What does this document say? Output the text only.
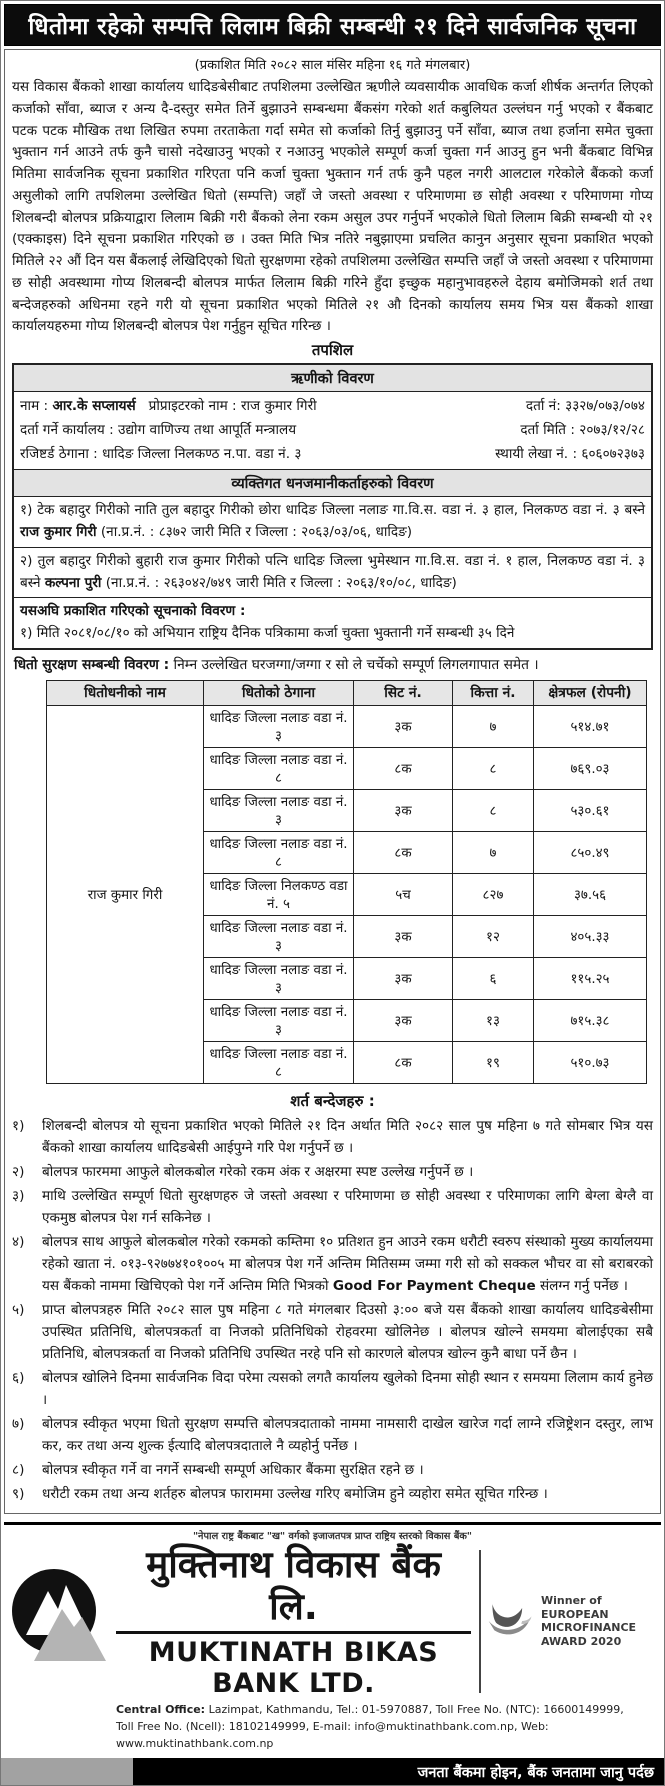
धितोमा रहेको सम्पत्ति लिलाम बिक्री सम्बन्धी २१ दिने सार्वजनिक सूचना
(प्रकाशित मिति २०८२ साल मंसिर महिना १६ गते मंगलबार)

यस विकास बैंकको शाखा कार्यालय धादिङबेसीबाट तपशिलमा उल्लेखित ऋणीले व्यवसायीक आवधिक कर्जा शीर्षक अन्तर्गत लिएको कर्जाको साँवा, ब्याज र अन्य दै-दस्तुर समेत तिर्ने बुझाउने सम्बन्धमा बैंकसंग गरेको शर्त कबुलियत उल्लंघन गर्नु भएको र बैंकबाट पटक पटक मौखिक तथा लिखित रुपमा तरताकेता गर्दा समेत सो कर्जाको तिर्नु बुझाउनु पर्ने साँवा, ब्याज तथा हर्जाना समेत चुक्ता भुक्तान गर्न आउने तर्फ कुनै चासो नदेखाउनु भएको र नआउनु भएकोले सम्पूर्ण कर्जा चुक्ता गर्न आउनु हुन भनी बैंकबाट विभिन्न मितिमा सार्वजनिक सूचना प्रकाशित गरिएता पनि कर्जा चुक्ता भुक्तान गर्न तर्फ कुनै पहल नगरी आलटाल गरेकोले बैंकको कर्जा असुलीको लागि तपशिलमा उल्लेखित धितो (सम्पत्ति) जहाँ जे जस्तो अवस्था र परिमाणमा छ सोही अवस्था र परिमाणमा गोप्य शिलबन्दी बोलपत्र प्रक्रियाद्वारा लिलाम बिक्री गरी बैंकको लेना रकम असुल उपर गर्नुपर्ने भएकोले धितो लिलाम बिक्री सम्बन्धी यो २१ (एक्काइस) दिने सूचना प्रकाशित गरिएको छ । उक्त मिति भित्र नतिरे नबुझाएमा प्रचलित कानुन अनुसार सूचना प्रकाशित भएको मितिले २२ औं दिन यस बैंकलाई लेखिदिएको धितो सुरक्षणमा रहेको तपशिलमा उल्लेखित सम्पत्ति जहाँ जे जस्तो अवस्था र परिमाणमा छ सोही अवस्थामा गोप्य शिलबन्दी बोलपत्र मार्फत लिलाम बिक्री गरिने हुँदा इच्छुक महानुभावहरुले देहाय बमोजिमको शर्त तथा बन्देजहरुको अधिनमा रहने गरी यो सूचना प्रकाशित भएको मितिले २१ औ दिनको कार्यालय समय भित्र यस बैंकको शाखा कार्यालयहरुमा गोप्य शिलबन्दी बोलपत्र पेश गर्नुहुन सूचित गरिन्छ ।

तपशिल
ऋणीको विवरण
नाम : आर.के सप्लायर्स प्रोप्राइटरको नाम : राज कुमार गिरी	दर्ता नं: ३३२७/०७३/०७४
दर्ता गर्ने कार्यालय : उद्योग वाणिज्य तथा आपूर्ति मन्त्रालय	दर्ता मिति : २०७३/१२/२८
रजिष्टर्ड ठेगाना : धादिङ जिल्ला निलकण्ठ न.पा. वडा नं. ३	स्थायी लेखा नं. : ६०६०७२३७३
व्यक्तिगत धनजमानीकर्ताहरुको विवरण
१) टेक बहादुर गिरीको नाति तुल बहादुर गिरीको छोरा धादिङ जिल्ला नलाङ गा.वि.स. वडा नं. ३ हाल, निलकण्ठ वडा नं. ३ बस्ने राज कुमार गिरी (ना.प्र.नं. : ८३७२ जारी मिति र जिल्ला : २०६३/०३/०६, धादिङ)
२) तुल बहादुर गिरीको बुहारी राज कुमार गिरीको पत्नि धादिङ जिल्ला भुमेस्थान गा.वि.स. वडा नं. १ हाल, निलकण्ठ वडा नं. ३ बस्ने कल्पना पुरी (ना.प्र.नं. : २६३०४२/७४९ जारी मिति र जिल्ला : २०६३/१०/०८, धादिङ)
यसअघि प्रकाशित गरिएको सूचनाको विवरण :
१) मिति २०८१/०८/१० को अभियान राष्ट्रिय दैनिक पत्रिकामा कर्जा चुक्ता भुक्तानी गर्ने सम्बन्धी ३५ दिने
धितो सुरक्षण सम्बन्धी विवरण : निम्न उल्लेखित घरजग्गा/जग्गा र सो ले चर्चेको सम्पूर्ण लिगलगापात समेत ।
धितोधनीको नाम	धितोको ठेगाना	सिट नं.	कित्ता नं.	क्षेत्रफल (रोपनी)
राज कुमार गिरी	धादिङ जिल्ला नलाङ वडा नं. ३	३क	७	५१४.७१
	धादिङ जिल्ला नलाङ वडा नं. ८	८क	८	७६९.०३
	धादिङ जिल्ला नलाङ वडा नं. ३	३क	८	५३०.६१
	धादिङ जिल्ला नलाङ वडा नं. ८	८क	७	८५०.४९
	धादिङ जिल्ला निलकण्ठ वडा नं. ५	५च	८२७	३७.५६
	धादिङ जिल्ला नलाङ वडा नं. ३	३क	१२	४०५.३३
	धादिङ जिल्ला नलाङ वडा नं. ३	३क	६	११५.२५
	धादिङ जिल्ला नलाङ वडा नं. ३	३क	१३	७१५.३८
	धादिङ जिल्ला नलाङ वडा नं. ८	८क	१९	५१०.७३
शर्त बन्देजहरु :
१)	शिलबन्दी बोलपत्र यो सूचना प्रकाशित भएको मितिले २१ दिन अर्थात मिति २०८२ साल पुष महिना ७ गते सोमबार भित्र यस बैंकको शाखा कार्यालय धादिङबेसी आईपुग्ने गरि पेश गर्नुपर्ने छ ।
२)	बोलपत्र फारममा आफुले बोलकबोल गरेको रकम अंक र अक्षरमा स्पष्ट उल्लेख गर्नुपर्ने छ ।
३)	माथि उल्लेखित सम्पूर्ण धितो सुरक्षणहरु जे जस्तो अवस्था र परिमाणमा छ सोही अवस्था र परिमाणका लागि बेग्ला बेग्लै वा एकमुष्ठ बोलपत्र पेश गर्न सकिनेछ ।
४)	बोलपत्र साथ आफुले बोलकबोल गरेको रकमको कम्तिमा १० प्रतिशत हुन आउने रकम धरौटी स्वरुप संस्थाको मुख्य कार्यालयमा रहेको खाता नं. ०१३-९२७७४१०१००५ मा बोलपत्र पेश गर्ने अन्तिम मितिसम्म जम्मा गरी सो को सक्कल भौचर वा सो बराबरको यस बैंकको नाममा खिचिएको पेश गर्ने अन्तिम मिति भित्रको Good For Payment Cheque संलग्न गर्नु पर्नेछ ।
५)	प्राप्त बोलपत्रहरु मिति २०८२ साल पुष महिना ८ गते मंगलबार दिउसो ३:०० बजे यस बैंकको शाखा कार्यालय धादिङबेसीमा उपस्थित प्रतिनिधि, बोलपत्रकर्ता वा निजको प्रतिनिधिको रोहवरमा खोलिनेछ । बोलपत्र खोल्ने समयमा बोलाईएका सबै प्रतिनिधि, बोलपत्रकर्ता वा निजको प्रतिनिधि उपस्थित नरहे पनि सो कारणले बोलपत्र खोल्न कुनै बाधा पर्ने छैन ।
६)	बोलपत्र खोलिने दिनमा सार्वजनिक विदा परेमा त्यसको लगतै कार्यालय खुलेको दिनमा सोही स्थान र समयमा लिलाम कार्य हुनेछ ।
७)	बोलपत्र स्वीकृत भएमा धितो सुरक्षण सम्पत्ति बोलपत्रदाताको नाममा नामसारी दाखेल खारेज गर्दा लाग्ने रजिष्ट्रेशन दस्तुर, लाभ कर, कर तथा अन्य शुल्क ईत्यादि बोलपत्रदाताले नै व्यहोर्नु पर्नेछ ।
८)	बोलपत्र स्वीकृत गर्ने वा नगर्ने सम्बन्धी सम्पूर्ण अधिकार बैंकमा सुरक्षित रहने छ ।
९)	धरौटी रकम तथा अन्य शर्तहरु बोलपत्र फाराममा उल्लेख गरिए बमोजिम हुने व्यहोरा समेत सूचित गरिन्छ ।
"नेपाल राष्ट्र बैंकबाट "ख" वर्गको इजाजतपत्र प्राप्त राष्ट्रिय स्तरको विकास बैंक"
मुक्तिनाथ विकास बैंक लि.
MUKTINATH BIKAS BANK LTD.
Winner of
EUROPEAN
MICROFINANCE
AWARD 2020
Central Office: Lazimpat, Kathmandu, Tel.: 01-5970887, Toll Free No. (NTC): 16600149999,
Toll Free No. (Ncell): 18102149999, E-mail: info@muktinathbank.com.np, Web: www.muktinathbank.com.np
जनता बैंकमा होइन, बैंक जनतामा जानु पर्दछ
